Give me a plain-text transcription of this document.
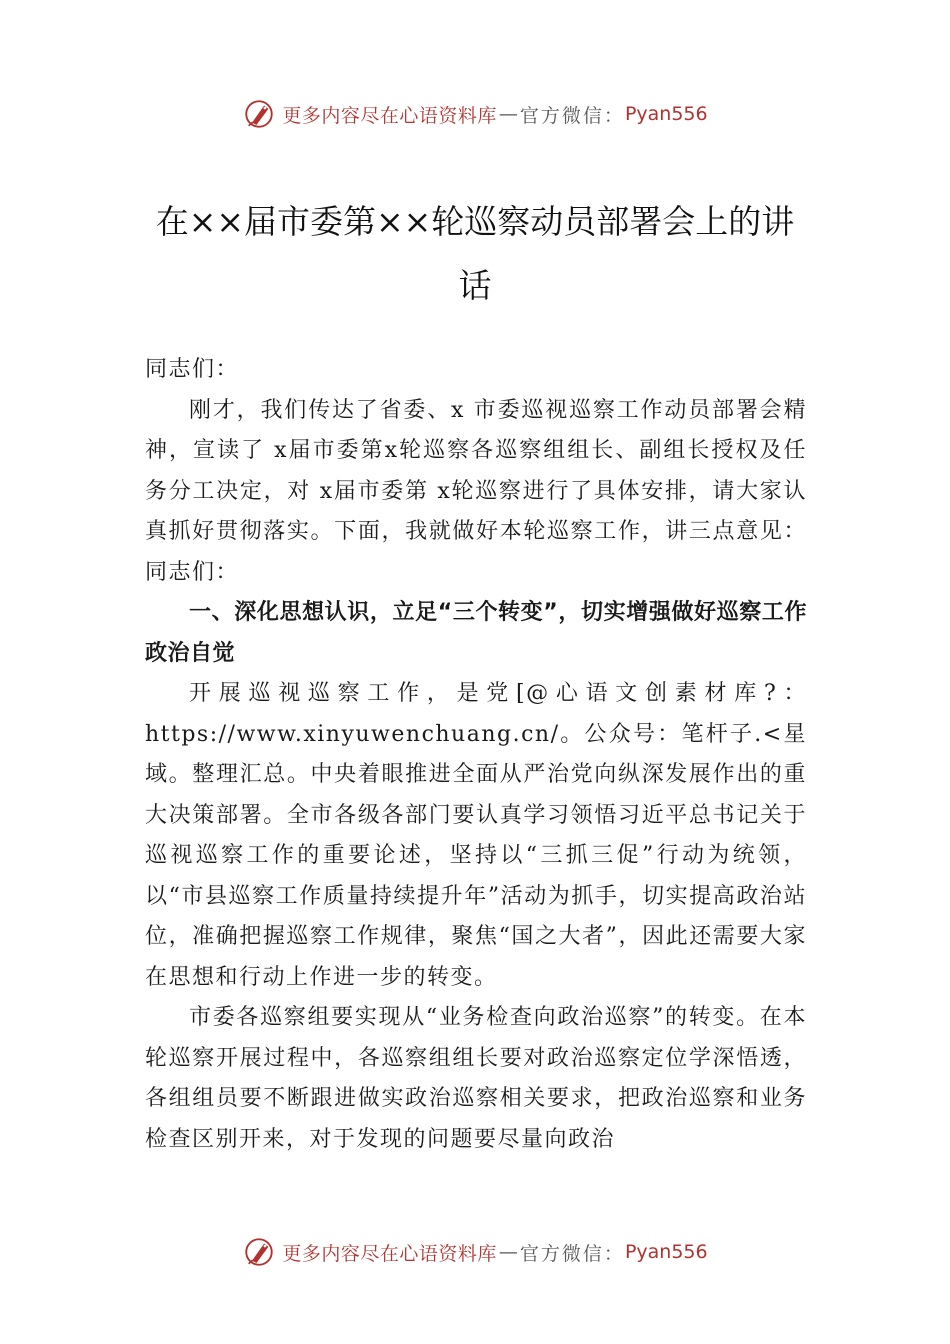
更多内容尽在心语资料库 — 官方微信： Pyan556
在××届市委第××轮巡察动员部署会上的讲话

同志们：

刚才，我们传达了省委、x 市委巡视巡察工作动员部署会精神，宣读了 x届市委第x轮巡察各巡察组组长、副组长授权及任务分工决定，对 x届市委第 x轮巡察进行了具体安排，请大家认真抓好贯彻落实。下面，我就做好本轮巡察工作，讲三点意见：同志们：

一、深化思想认识，立足“三个转变”，切实增强做好巡察工作政治自觉

开展巡视巡察工作，是党[@心语文创素材库?：https://www.xinyuwenchuang.cn/。公众号：笔杆子.<星域。整理汇总。中央着眼推进全面从严治党向纵深发展作出的重大决策部署。全市各级各部门要认真学习领悟习近平总书记关于巡视巡察工作的重要论述，坚持以“三抓三促”行动为统领，以“市县巡察工作质量持续提升年”活动为抓手，切实提高政治站位，准确把握巡察工作规律，聚焦“国之大者”，因此还需要大家在思想和行动上作进一步的转变。

市委各巡察组要实现从“业务检查向政治巡察”的转变。在本轮巡察开展过程中，各巡察组组长要对政治巡察定位学深悟透，各组组员要不断跟进做实政治巡察相关要求，把政治巡察和业务检查区别开来，对于发现的问题要尽量向政治

更多内容尽在心语资料库 — 官方微信： Pyan556
